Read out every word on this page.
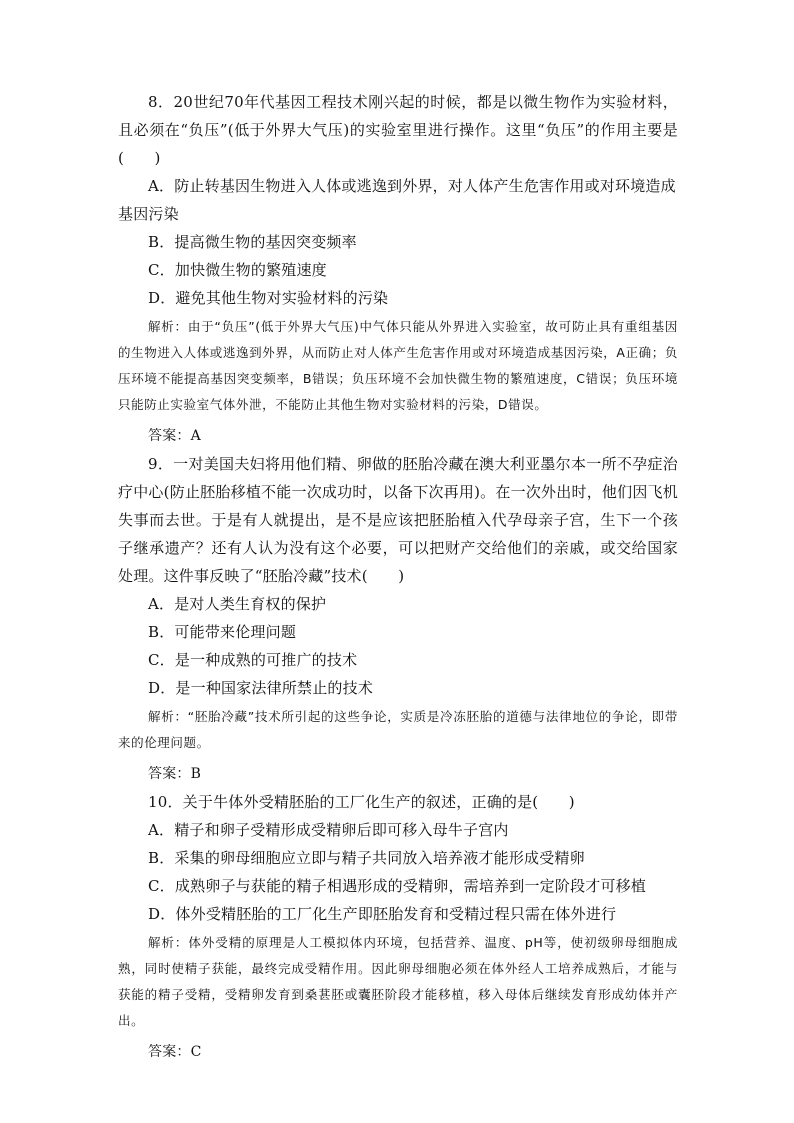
8．20世纪70年代基因工程技术刚兴起的时候，都是以微生物作为实验材料，且必须在“负压”(低于外界大气压)的实验室里进行操作。这里“负压”的作用主要是(　　)

A．防止转基因生物进入人体或逃逸到外界，对人体产生危害作用或对环境造成基因污染

B．提高微生物的基因突变频率

C．加快微生物的繁殖速度

D．避免其他生物对实验材料的污染

解析：由于“负压”(低于外界大气压)中气体只能从外界进入实验室，故可防止具有重组基因的生物进入人体或逃逸到外界，从而防止对人体产生危害作用或对环境造成基因污染，A正确；负压环境不能提高基因突变频率，B错误；负压环境不会加快微生物的繁殖速度，C错误；负压环境只能防止实验室气体外泄，不能防止其他生物对实验材料的污染，D错误。

答案：A

9．一对美国夫妇将用他们精、卵做的胚胎冷藏在澳大利亚墨尔本一所不孕症治疗中心(防止胚胎移植不能一次成功时，以备下次再用)。在一次外出时，他们因飞机失事而去世。于是有人就提出，是不是应该把胚胎植入代孕母亲子宫，生下一个孩子继承遗产？还有人认为没有这个必要，可以把财产交给他们的亲戚，或交给国家处理。这件事反映了“胚胎冷藏”技术(　　)

A．是对人类生育权的保护

B．可能带来伦理问题

C．是一种成熟的可推广的技术

D．是一种国家法律所禁止的技术

解析：“胚胎冷藏”技术所引起的这些争论，实质是冷冻胚胎的道德与法律地位的争论，即带来的伦理问题。

答案：B

10．关于牛体外受精胚胎的工厂化生产的叙述，正确的是(　　)

A．精子和卵子受精形成受精卵后即可移入母牛子宫内

B．采集的卵母细胞应立即与精子共同放入培养液才能形成受精卵

C．成熟卵子与获能的精子相遇形成的受精卵，需培养到一定阶段才可移植

D．体外受精胚胎的工厂化生产即胚胎发育和受精过程只需在体外进行

解析：体外受精的原理是人工模拟体内环境，包括营养、温度、pH等，使初级卵母细胞成熟，同时使精子获能，最终完成受精作用。因此卵母细胞必须在体外经人工培养成熟后，才能与获能的精子受精，受精卵发育到桑葚胚或囊胚阶段才能移植，移入母体后继续发育形成幼体并产出。

答案：C
